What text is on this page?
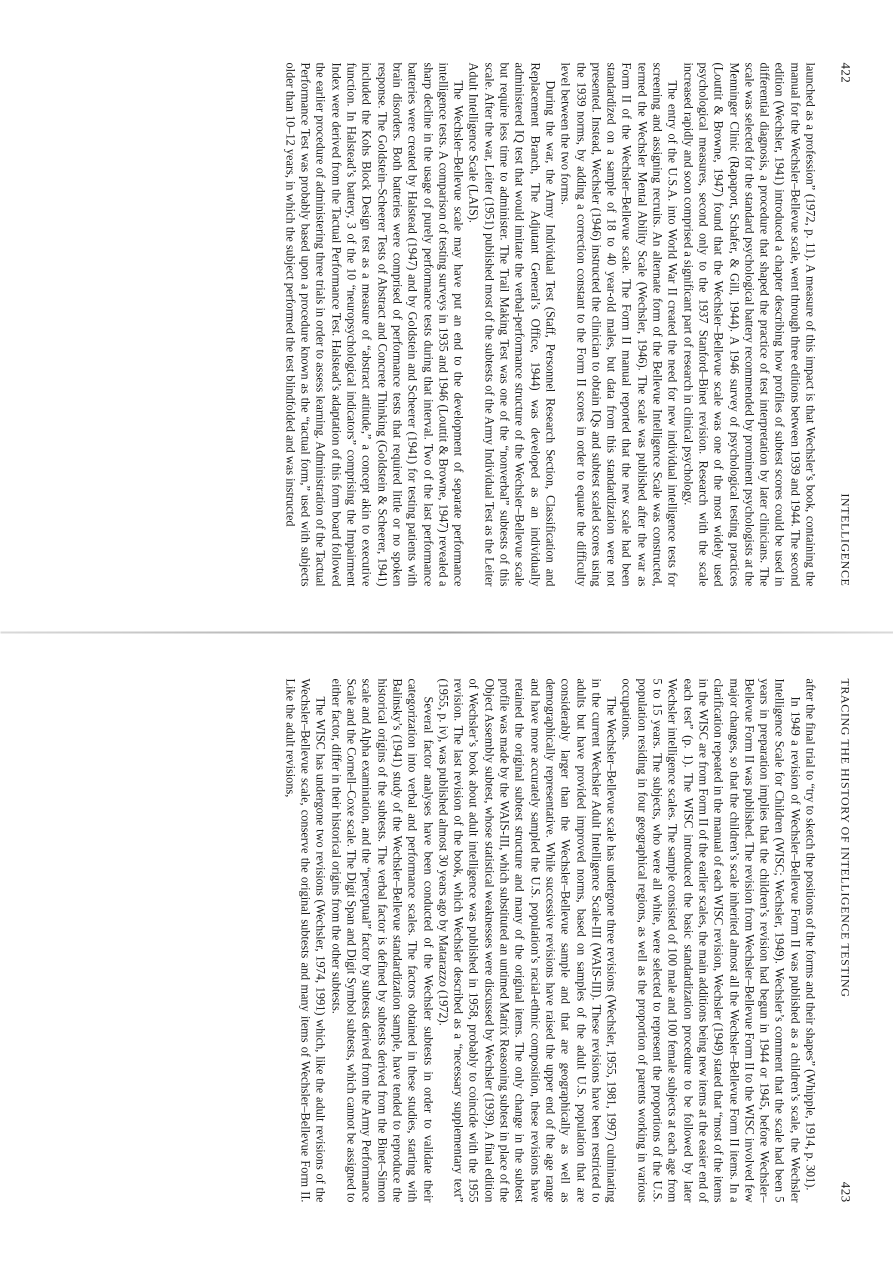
422
INTELLIGENCE

launched as a profession” (1972, p. 11). A measure of this impact is that Wechsler’s book, containing the manual for the Wechsler–Bellevue scale, went through three editions between 1939 and 1944. The second edition (Wechsler, 1941) introduced a chapter describing how profiles of subtest scores could be used in differential diagnosis, a procedure that shaped the practice of test interpretation by later clinicians. The scale was selected for the standard psychological battery recommended by prominent psychologists at the Menninger Clinic (Rapaport, Schafer, & Gill, 1944). A 1946 survey of psychological testing practices (Louttit & Browne, 1947) found that the Wechsler–Bellevue scale was one of the most widely used psychological measures, second only to the 1937 Stanford–Binet revision. Research with the scale increased rapidly and soon comprised a significant part of research in clinical psychology.

The entry of the U.S.A. into World War II created the need for new individual intelligence tests for screening and assigning recruits. An alternate form of the Bellevue Intelligence Scale was constructed, termed the Wechsler Mental Ability Scale (Wechsler, 1946). The scale was published after the war as Form II of the Wechsler–Bellevue scale. The Form II manual reported that the new scale had been standardized on a sample of 18 to 40 year-old males, but data from this standardization were not presented. Instead, Wechsler (1946) instructed the clinician to obtain IQs and subtest scaled scores using the 1939 norms, by adding a correction constant to the Form II scores in order to equate the difficulty level between the two forms.

During the war, the Army Individual Test (Staff, Personnel Research Section, Classification and Replacement Branch, The Adjutant General’s Office, 1944) was developed as an individually administered IQ test that would imitate the verbal-performance structure of the Wechsler–Bellevue scale but require less time to administer. The Trail Making Test was one of the “nonverbal” subtests of this scale. After the war, Leiter (1951) published most of the subtests of the Army Individual Test as the Leiter Adult Intelligence Scale (LAIS).

The Wechsler–Bellevue scale may have put an end to the development of separate performance intelligence tests. A comparison of testing surveys in 1935 and 1946 (Louttit & Browne, 1947) revealed a sharp decline in the usage of purely performance tests during that interval. Two of the last performance batteries were created by Halstead (1947) and by Goldstein and Scheerer (1941) for testing patients with brain disorders. Both batteries were comprised of performance tests that required little or no spoken response. The Goldstein–Scheerer Tests of Abstract and Concrete Thinking (Goldstein & Scheerer, 1941) included the Kohs Block Design test as a measure of “abstract attitude,” a concept akin to executive function. In Halstead’s battery, 3 of the 10 “neuropsychological indicators” comprising the Impairment Index were derived from the Tactual Performance Test. Halstead’s adaptation of this form board followed the earlier procedure of administering three trials in order to assess learning. Administration of the Tactual Performance Test was probably based upon a procedure known as the “tactual form,” used with subjects older than 10–12 years, in which the subject performed the test blindfolded and was instructed

TRACING THE HISTORY OF INTELLIGENCE TESTING
423

after the final trial to “try to sketch the positions of the forms and their shapes” (Whipple, 1914, p. 301).

In 1949 a revision of Wechsler–Bellevue Form II was published as a children’s scale, the Wechsler Intelligence Scale for Children (WISC; Wechsler, 1949). Wechsler’s comment that the scale had been 5 years in preparation implies that the children’s revision had begun in 1944 or 1945, before Wechsler–Bellevue Form II was published. The revision from Wechsler–Bellevue Form II to the WISC involved few major changes, so that the children’s scale inherited almost all the Wechsler–Bellevue Form II items. In a clarification repeated in the manual of each WISC revision, Wechsler (1949) stated that “most of the items in the WISC are from Form II of the earlier scales, the main additions being new items at the easier end of each test” (p. 1). The WISC introduced the basic standardization procedure to be followed by later Wechsler intelligence scales. The sample consisted of 100 male and 100 female subjects at each age from 5 to 15 years. The subjects, who were all white, were selected to represent the proportions of the U.S. population residing in four geographical regions, as well as the proportion of parents working in various occupations.

The Wechsler–Bellevue scale has undergone three revisions (Wechsler, 1955, 1981, 1997) culminating in the current Wechsler Adult Intelligence Scale-III (WAIS-III). These revisions have been restricted to adults but have provided improved norms, based on samples of the adult U.S. population that are considerably larger than the Wechsler–Bellevue sample and that are geographically as well as demographically representative. While successive revisions have raised the upper end of the age range and have more accurately sampled the U.S. population’s racial-ethnic composition, these revisions have retained the original subtest structure and many of the original items. The only change in the subtest profile was made by the WAIS-III, which substituted an untimed Matrix Reasoning subtest in place of the Object Assembly subtest, whose statistical weaknesses were discussed by Wechsler (1939). A final edition of Wechsler’s book about adult intelligence was published in 1958, probably to coincide with the 1955 revision. The last revision of the book, which Wechsler described as a “necessary supplementary text” (1955, p. iv), was published almost 30 years ago by Matarazzo (1972).

Several factor analyses have been conducted of the Wechsler subtests in order to validate their categorization into verbal and performance scales. The factors obtained in these studies, starting with Balinsky’s (1941) study of the Wechsler–Bellevue standardization sample, have tended to reproduce the historical origins of the subtests. The verbal factor is defined by subtests derived from the Binet–Simon scale and Alpha examination, and the “perceptual” factor by subtests derived from the Army Performance Scale and the Cornell–Coxe scale. The Digit Span and Digit Symbol subtests, which cannot be assigned to either factor, differ in their historical origins from the other subtests.

The WISC has undergone two revisions (Wechsler, 1974, 1991) which, like the adult revisions of the Wechsler–Bellevue scale, conserve the original subtests and many items of Wechsler–Bellevue Form II. Like the adult revisions,
